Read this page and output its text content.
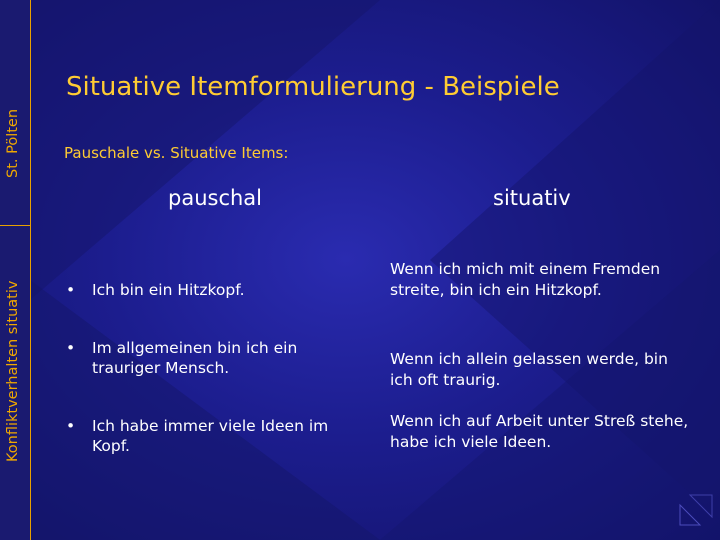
St. Pölten
Konfliktverhalten situativ
Situative Itemformulierung - Beispiele
Pauschale vs. Situative Items:
pauschal	situativ
• Ich bin ein Hitzkopf.
• Im allgemeinen bin ich ein trauriger Mensch.
• Ich habe immer viele Ideen im Kopf.
Wenn ich mich mit einem Fremden streite, bin ich ein Hitzkopf.
Wenn ich allein gelassen werde, bin ich oft traurig.
Wenn ich auf Arbeit unter Streß stehe, habe ich viele Ideen.
